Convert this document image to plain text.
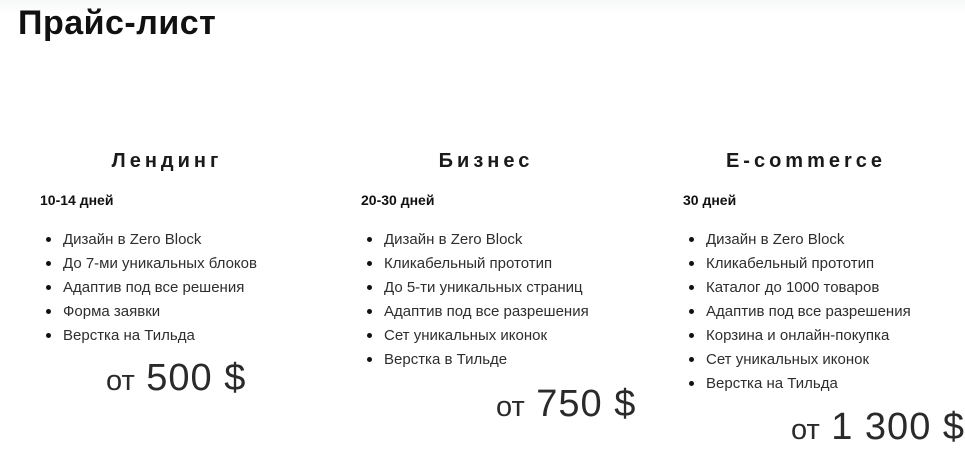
Прайс-лист
Лендинг
10-14 дней
Дизайн в Zero Block
До 7-ми уникальных блоков
Адаптив под все решения
Форма заявки
Верстка на Тильда
Бизнес
20-30 дней
Дизайн в Zero Block
Кликабельный прототип
До 5-ти уникальных страниц
Адаптив под все разрешения
Сет уникальных иконок
Верстка в Тильде
E-commerce
30 дней
Дизайн в Zero Block
Кликабельный прототип
Каталог до 1000 товаров
Адаптив под все разрешения
Корзина и онлайн-покупка
Сет уникальных иконок
Верстка на Тильда
от 500 $
от 750 $
от 1 300 $
